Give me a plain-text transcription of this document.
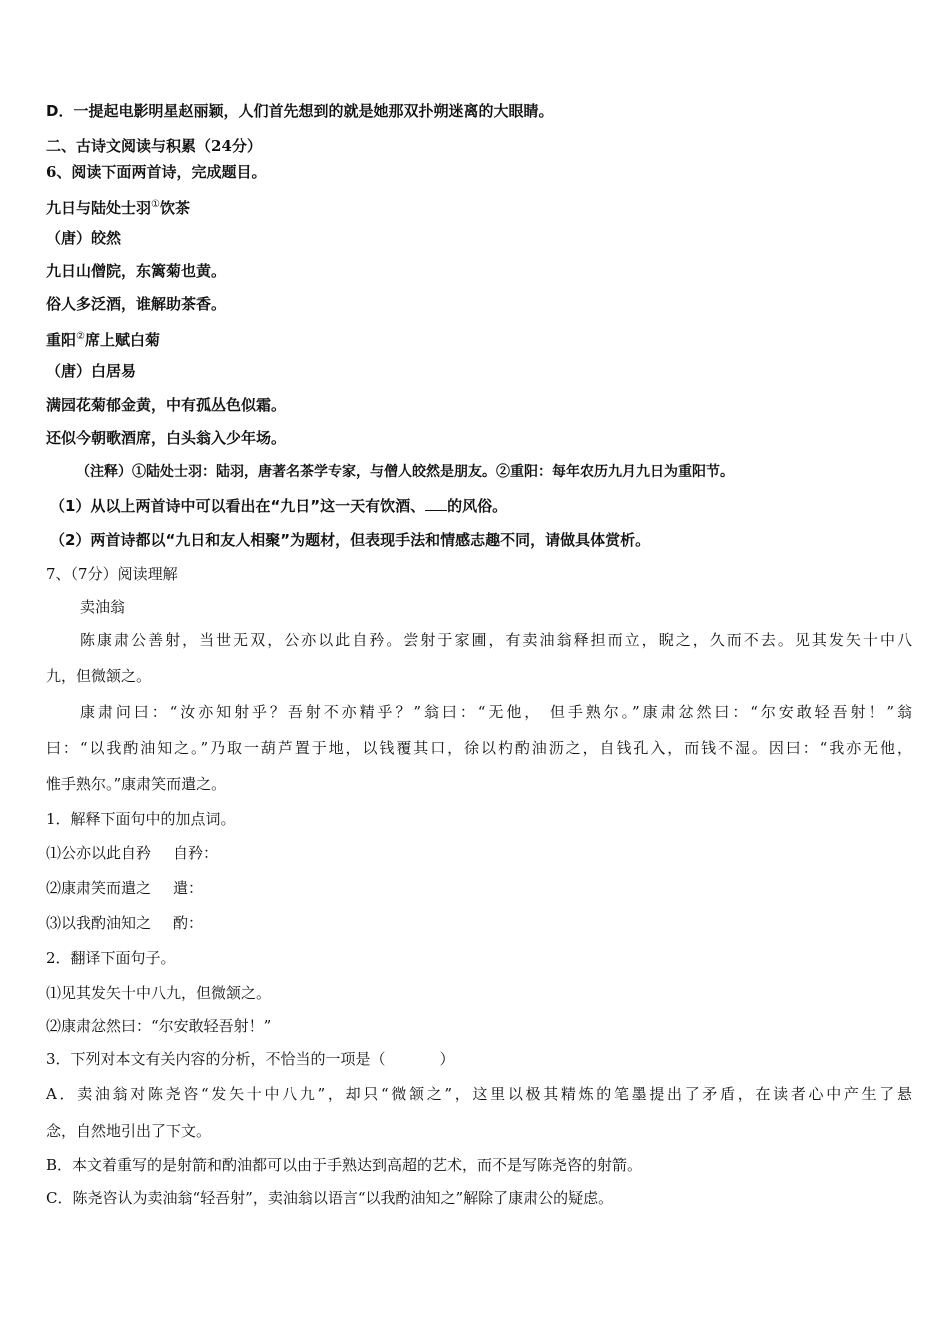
D．一提起电影明星赵丽颖，人们首先想到的就是她那双扑朔迷离的大眼睛。
二、古诗文阅读与积累（24分）
6、阅读下面两首诗，完成题目。
九日与陆处士羽①饮茶
（唐）皎然
九日山僧院，东篱菊也黄。
俗人多泛酒，谁解助茶香。
重阳②席上赋白菊
（唐）白居易
满园花菊郁金黄，中有孤丛色似霜。
还似今朝歌酒席，白头翁入少年场。
（注释）①陆处士羽：陆羽，唐著名茶学专家，与僧人皎然是朋友。②重阳：每年农历九月九日为重阳节。
（1）从以上两首诗中可以看出在“九日”这一天有饮酒、 的风俗。
（2）两首诗都以“九日和友人相聚”为题材，但表现手法和情感志趣不同，请做具体赏析。
7、（7分）阅读理解
卖油翁
陈康肃公善射，当世无双，公亦以此自矜。尝射于家圃，有卖油翁释担而立，睨之，久而不去。见其发矢十中八
九，但微颔之。
康肃问曰：“汝亦知射乎？吾射不亦精乎？”翁曰：“无他， 但手熟尔。”康肃忿然曰：“尔安敢轻吾射！”翁
曰：“以我酌油知之。”乃取一葫芦置于地，以钱覆其口，徐以杓酌油沥之，自钱孔入，而钱不湿。因曰：“我亦无他，
惟手熟尔。”康肃笑而遣之。
1．解释下面句中的加点词。
⑴公亦以此自矜 自矜：
⑵康肃笑而遣之 遣：
⑶以我酌油知之 酌：
2．翻译下面句子。
⑴见其发矢十中八九，但微颔之。
⑵康肃忿然曰：“尔安敢轻吾射！”
3．下列对本文有关内容的分析，不恰当的一项是（	）
A．卖油翁对陈尧咨“发矢十中八九”，却只“微颔之”，这里以极其精炼的笔墨提出了矛盾，在读者心中产生了悬
念，自然地引出了下文。
B．本文着重写的是射箭和酌油都可以由于手熟达到高超的艺术，而不是写陈尧咨的射箭。
C．陈尧咨认为卖油翁“轻吾射”，卖油翁以语言“以我酌油知之”解除了康肃公的疑虑。
